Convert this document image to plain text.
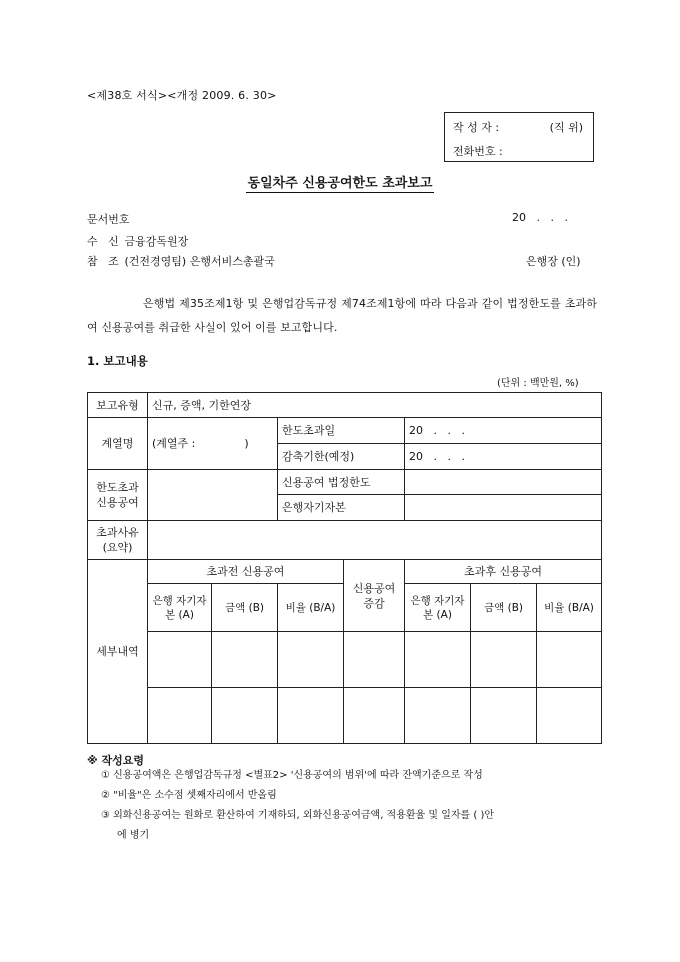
<제38호 서식><개정 2009. 6. 30>
작 성 자 :	(직 위)
전화번호 :
동일차주 신용공여한도 초과보고
문서번호	20 . . .
수   신 금융감독원장
참   조 (건전경영팀) 은행서비스총괄국	은행장 (인)
은행법 제35조제1항 및 은행업감독규정 제74조제1항에 따라 다음과 같이 법정한도를 초과하여 신용공여를 취급한 사실이 있어 이를 보고합니다.
1. 보고내용
(단위 : 백만원, %)
보고유형	신규, 증액, 기한연장						
계열명	(계열주 :              )		한도초과일		20   .   .   .		
			감축기한(예정)		20   .   .   .		
한도초과 신용공여			신용공여 법정한도				
			은행자기자본				
초과사유 (요약)							
세부내역	초과전 신용공여			신용공여 증감	초과후 신용공여		
	은행 자기자본 (A)	금액 (B)	비율 (B/A)		은행 자기자본 (A)	금액 (B)	비율 (B/A)

※ 작성요령
① 신용공여액은 은행업감독규정 <별표2> '신용공여의 범위'에 따라 잔액기준으로 작성
② "비율"은 소수점 셋째자리에서 반올림
③ 외화신용공여는 원화로 환산하여 기재하되, 외화신용공여금액, 적용환율 및 일자를 ( )안
에 병기
